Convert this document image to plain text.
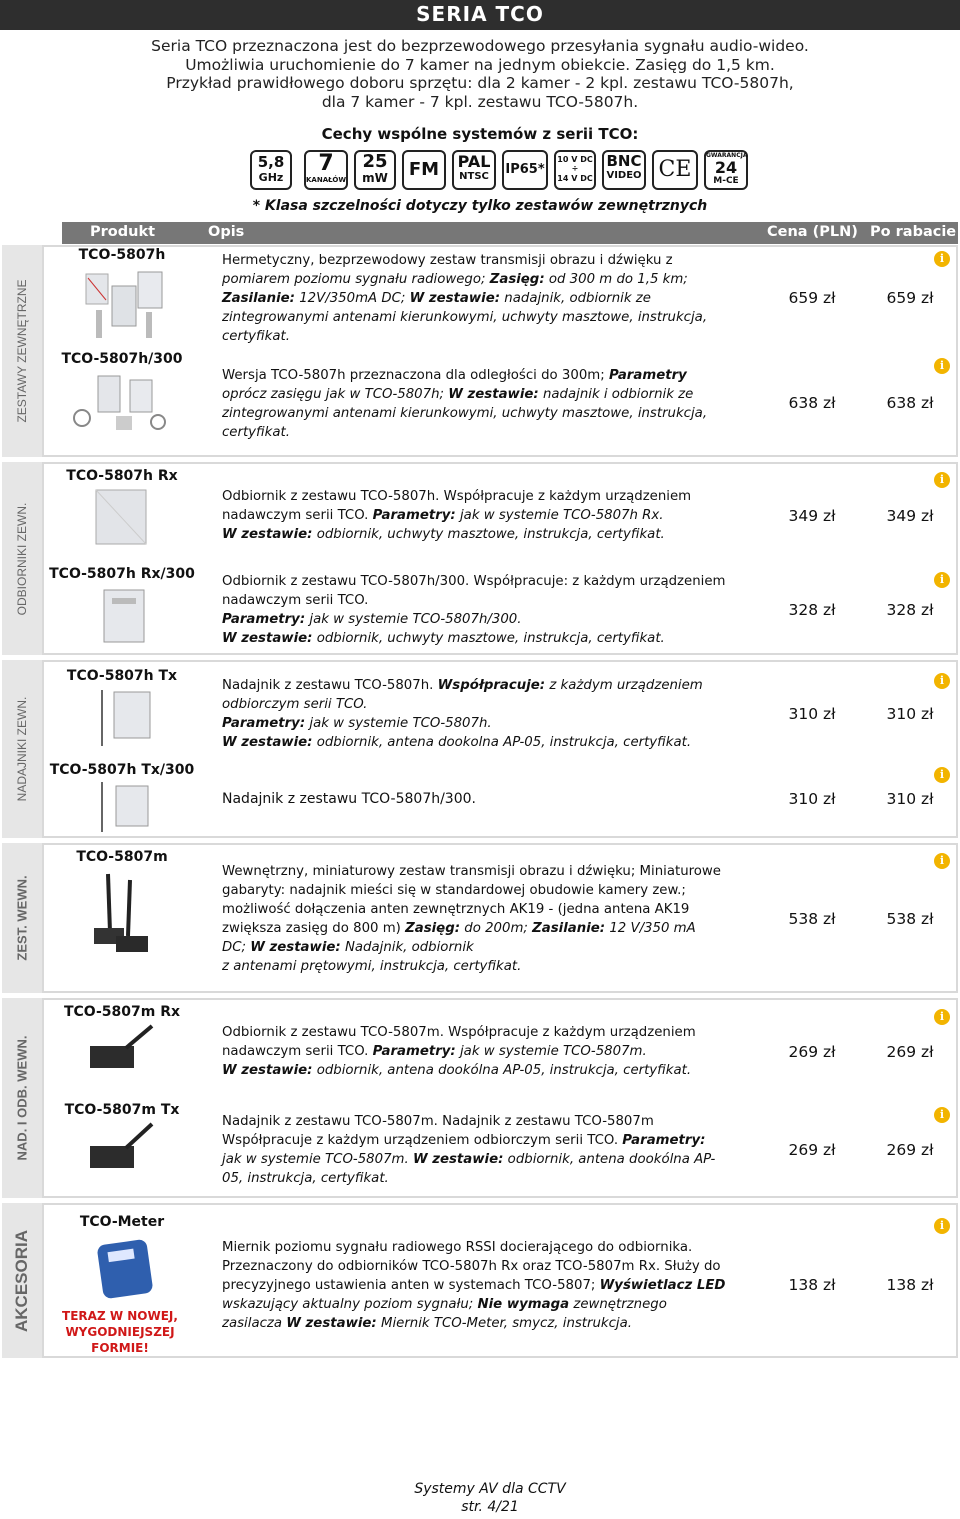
SERIA TCO
Seria TCO przeznaczona jest do bezprzewodowego przesyłania sygnału audio-wideo.
Umożliwia uruchomienie do 7 kamer na jednym obiekcie. Zasięg do 1,5 km.
Przykład prawidłowego doboru sprzętu: dla 2 kamer - 2 kpl. zestawu TCO-5807h,
dla 7 kamer - 7 kpl. zestawu TCO-5807h.
Cechy wspólne systemów z serii TCO:
5,8
GHz
7
KANAŁÓW
25
mW	FM	PAL
NTSC	IP65*
10 V DC
÷
14 V DC
BNC
VIDEO CE
GWARANCJA
24
M-CE
* Klasa szczelności dotyczy tylko zestawów zewnętrznych
Produkt	Opis	Cena (PLN) Po rabacie
ZESTAWY ZEWNĘTRZNE
ODBIORNIKI ZEWN.
NADAJNIKI ZEWN.
ZEST. WEWN.
NAD. I ODB. WEWN.
AKCESORIA
TCO-5807h	Hermetyczny, bezprzewodowy zestaw transmisji obrazu i dźwięku z
pomiarem poziomu sygnału radiowego; Zasięg: od 300 m do 1,5 km;
Zasilanie: 12V/350mA DC; W zestawie: nadajnik, odbiornik ze
zintegrowanymi antenami kierunkowymi, uchwyty masztowe, instrukcja,
certyfikat.
659 zł	659 zł
i
TCO-5807h/300
Wersja TCO-5807h przeznaczona dla odległości do 300m; Parametry
oprócz zasięgu jak w TCO-5807h; W zestawie: nadajnik i odbiornik ze
zintegrowanymi antenami kierunkowymi, uchwyty masztowe, instrukcja,
certyfikat.
638 zł	638 zł
i
TCO-5807h Rx
Odbiornik z zestawu TCO-5807h. Współpracuje z każdym urządzeniem
nadawczym serii TCO. Parametry: jak w systemie TCO-5807h Rx.
W zestawie: odbiornik, uchwyty masztowe, instrukcja, certyfikat.
349 zł	349 zł
i
TCO-5807h Rx/300	Odbiornik z zestawu TCO-5807h/300. Współpracuje: z każdym urządzeniem
nadawczym serii TCO.
Parametry: jak w systemie TCO-5807h/300.
W zestawie: odbiornik, uchwyty masztowe, instrukcja, certyfikat.
328 zł	328 zł
i
TCO-5807h Tx
Nadajnik z zestawu TCO-5807h. Współpracuje: z każdym urządzeniem
odbiorczym serii TCO.
Parametry: jak w systemie TCO-5807h.
W zestawie: odbiornik, antena dookolna AP-05, instrukcja, certyfikat.
310 zł	310 zł
i
TCO-5807h Tx/300
Nadajnik z zestawu TCO-5807h/300.	310 zł	310 zł
i
TCO-5807m
Wewnętrzny, miniaturowy zestaw transmisji obrazu i dźwięku; Miniaturowe
gabaryty: nadajnik mieści się w standardowej obudowie kamery zew.;
możliwość dołączenia anten zewnętrznych AK19 - (jedna antena AK19
zwiększa zasięg do 800 m) Zasięg: do 200m; Zasilanie: 12 V/350 mA
DC; W zestawie: Nadajnik, odbiornik
z antenami prętowymi, instrukcja, certyfikat.
538 zł	538 zł
i
TCO-5807m Rx
Odbiornik z zestawu TCO-5807m. Współpracuje z każdym urządzeniem
nadawczym serii TCO. Parametry: jak w systemie TCO-5807m.
W zestawie: odbiornik, antena dookólna AP-05, instrukcja, certyfikat.
269 zł	269 zł
i
TCO-5807m Tx
Nadajnik z zestawu TCO-5807m. Nadajnik z zestawu TCO-5807m
Współpracuje z każdym urządzeniem odbiorczym serii TCO. Parametry:
jak w systemie TCO-5807m. W zestawie: odbiornik, antena dookólna AP-
05, instrukcja, certyfikat.
269 zł	269 zł
i
TCO-Meter
TERAZ W NOWEJ,
WYGODNIEJSZEJ
FORMIE!
Miernik poziomu sygnału radiowego RSSI docierającego do odbiornika.
Przeznaczony do odbiorników TCO-5807h Rx oraz TCO-5807m Rx. Służy do
precyzyjnego ustawienia anten w systemach TCO-5807; Wyświetlacz LED
wskazujący aktualny poziom sygnału; Nie wymaga zewnętrznego
zasilacza W zestawie: Miernik TCO-Meter, smycz, instrukcja.
138 zł	138 zł
i
Systemy AV dla CCTV
str. 4/21
